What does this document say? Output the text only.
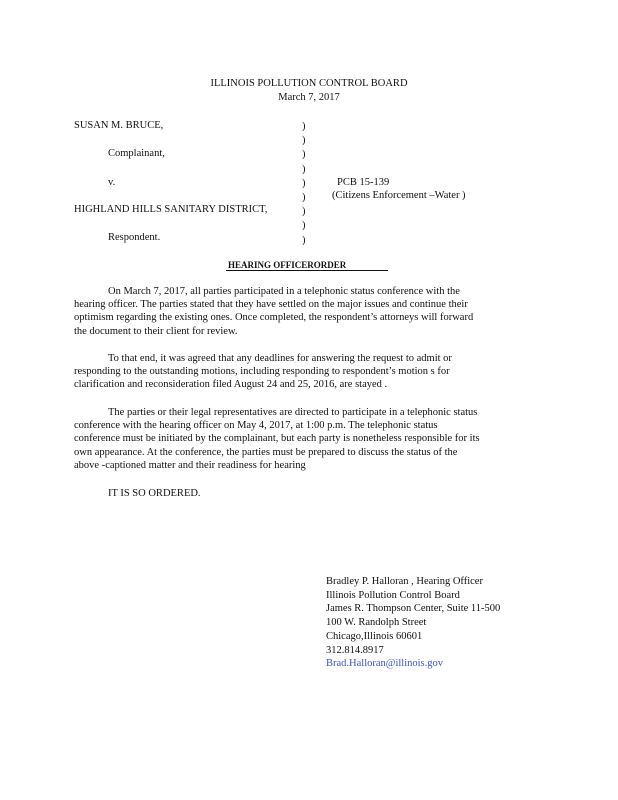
ILLINOIS POLLUTION CONTROL BOARD
March 7, 2017
SUSAN M. BRUCE,
Complainant,
v.
HIGHLAND HILLS SANITARY DISTRICT,
Respondent.
)
)
)
)
)
)
)
)
)
PCB 15-139
(Citizens Enforcement –Water )
HEARING OFFICERORDER

On March 7, 2017, all parties participated in a telephonic status conference with the

hearing officer. The parties stated that they have settled on the major issues and continue their

optimism regarding the existing ones. Once completed, the respondent’s attorneys will forward

the document to their client for review.

To that end, it was agreed that any deadlines for answering the request to admit or

responding to the outstanding motions, including responding to respondent’s motion s for

clarification and reconsideration filed August 24 and 25, 2016, are stayed .

The parties or their legal representatives are directed to participate in a telephonic status

conference with the hearing officer on May 4, 2017, at 1:00 p.m. The telephonic status

conference must be initiated by the complainant, but each party is nonetheless responsible for its

own appearance. At the conference, the parties must be prepared to discuss the status of the

above -captioned matter and their readiness for hearing

IT IS SO ORDERED.

Bradley P. Halloran , Hearing Officer
Illinois Pollution Control Board
James R. Thompson Center, Suite 11-500
100 W. Randolph Street
Chicago,Illinois 60601
312.814.8917
Brad.Halloran@illinois.gov
